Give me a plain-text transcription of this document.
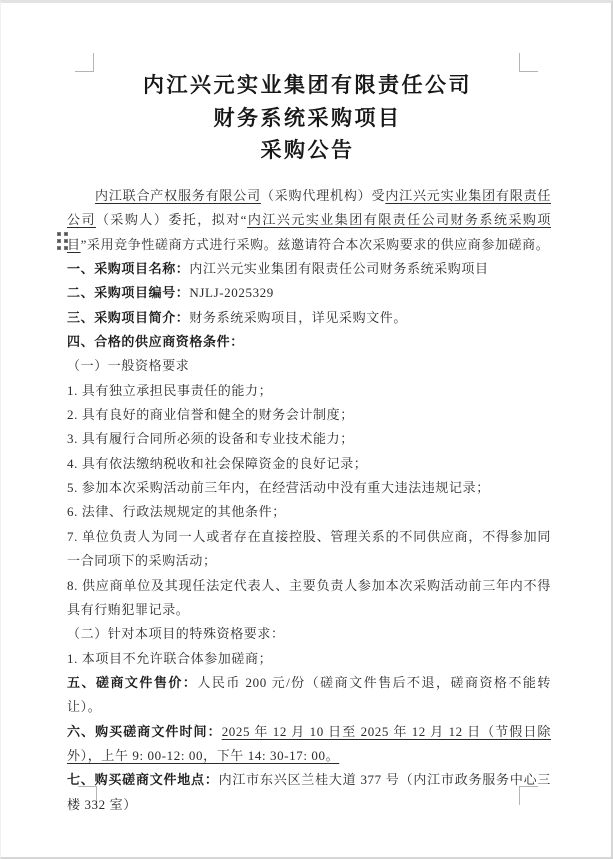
内江兴元实业集团有限责任公司
财务系统采购项目
采购公告

内江联合产权服务有限公司（采购代理机构）受内江兴元实业集团有限责任公司（采购人）委托，拟对“内江兴元实业集团有限责任公司财务系统采购项目”采用竞争性磋商方式进行采购。兹邀请符合本次采购要求的供应商参加磋商。

一、采购项目名称：内江兴元实业集团有限责任公司财务系统采购项目

二、采购项目编号：NJLJ-2025329

三、采购项目简介：财务系统采购项目，详见采购文件。

四、合格的供应商资格条件：

（一）一般资格要求

1. 具有独立承担民事责任的能力；

2. 具有良好的商业信誉和健全的财务会计制度；

3. 具有履行合同所必须的设备和专业技术能力；

4. 具有依法缴纳税收和社会保障资金的良好记录；

5. 参加本次采购活动前三年内，在经营活动中没有重大违法违规记录；

6. 法律、行政法规规定的其他条件；

7. 单位负责人为同一人或者存在直接控股、管理关系的不同供应商，不得参加同一合同项下的采购活动；

8. 供应商单位及其现任法定代表人、主要负责人参加本次采购活动前三年内不得具有行贿犯罪记录。

（二）针对本项目的特殊资格要求：

1. 本项目不允许联合体参加磋商；

五、磋商文件售价：人民币 200 元/份（磋商文件售后不退，磋商资格不能转让）。

六、购买磋商文件时间：2025 年 12 月 10 日至 2025 年 12 月 12 日（节假日除外），上午 9: 00-12: 00，下午 14: 30-17: 00。

七、购买磋商文件地点：内江市东兴区兰桂大道 377 号（内江市政务服务中心三楼 332 室）
